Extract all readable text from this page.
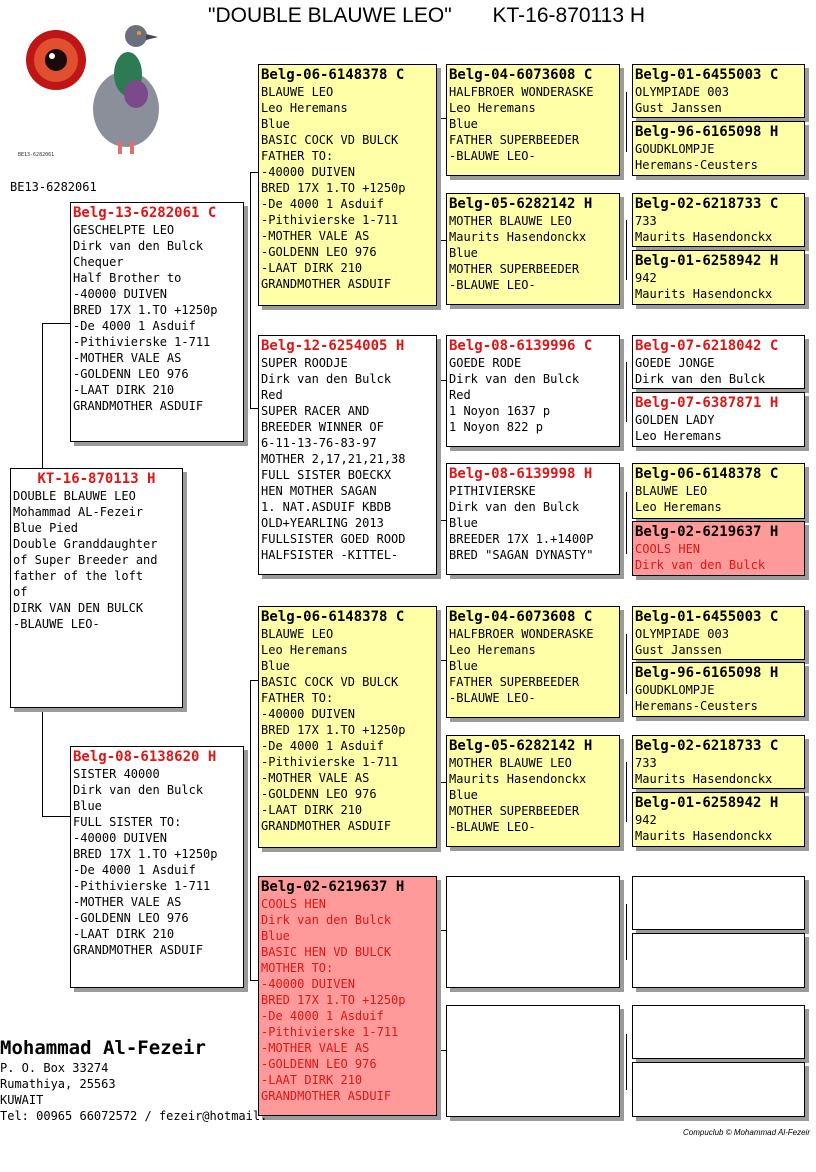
"DOUBLE BLAUWE LEO" KT-16-870113 H
BE13-6282061
BE13-6282061
KT-16-870113 H
DOUBLE BLAUWE LEO
Mohammad AL-Fezeir
Blue Pied
Double Granddaughter
of Super Breeder and
father of the loft
of
DIRK VAN DEN BULCK
-BLAUWE LEO-
Belg-13-6282061 C
GESCHELPTE LEO
Dirk van den Bulck
Chequer
Half Brother to
-40000 DUIVEN
BRED 17X 1.TO +1250p
-De 4000 1 Asduif
-Pithivierske 1-711
-MOTHER VALE AS
-GOLDENN LEO 976
-LAAT DIRK 210
GRANDMOTHER ASDUIF
Belg-08-6138620 H
SISTER 40000
Dirk van den Bulck
Blue
FULL SISTER TO:
-40000 DUIVEN
BRED 17X 1.TO +1250p
-De 4000 1 Asduif
-Pithivierske 1-711
-MOTHER VALE AS
-GOLDENN LEO 976
-LAAT DIRK 210
GRANDMOTHER ASDUIF
Belg-06-6148378 C
BLAUWE LEO
Leo Heremans
Blue
BASIC COCK VD BULCK
FATHER TO:
-40000 DUIVEN
BRED 17X 1.TO +1250p
-De 4000 1 Asduif
-Pithivierske 1-711
-MOTHER VALE AS
-GOLDENN LEO 976
-LAAT DIRK 210
GRANDMOTHER ASDUIF
Belg-12-6254005 H
SUPER ROODJE
Dirk van den Bulck
Red
SUPER RACER AND
BREEDER WINNER OF
6-11-13-76-83-97
MOTHER 2,17,21,21,38
FULL SISTER BOECKX
HEN MOTHER SAGAN
1. NAT.ASDUIF KBDB
OLD+YEARLING 2013
FULLSISTER GOED ROOD
HALFSISTER -KITTEL-
Belg-06-6148378 C
BLAUWE LEO
Leo Heremans
Blue
BASIC COCK VD BULCK
FATHER TO:
-40000 DUIVEN
BRED 17X 1.TO +1250p
-De 4000 1 Asduif
-Pithivierske 1-711
-MOTHER VALE AS
-GOLDENN LEO 976
-LAAT DIRK 210
GRANDMOTHER ASDUIF
Belg-02-6219637 H
COOLS HEN
Dirk van den Bulck
Blue
BASIC HEN VD BULCK
MOTHER TO:
-40000 DUIVEN
BRED 17X 1.TO +1250p
-De 4000 1 Asduif
-Pithivierske 1-711
-MOTHER VALE AS
-GOLDENN LEO 976
-LAAT DIRK 210
GRANDMOTHER ASDUIF
Belg-04-6073608 C
HALFBROER WONDERASKE
Leo Heremans
Blue
FATHER SUPERBEEDER
-BLAUWE LEO-
Belg-05-6282142 H
MOTHER BLAUWE LEO
Maurits Hasendonckx
Blue
MOTHER SUPERBEEDER
-BLAUWE LEO-
Belg-08-6139996 C
GOEDE RODE
Dirk van den Bulck
Red
1 Noyon 1637 p
1 Noyon 822 p
Belg-08-6139998 H
PITHIVIERSKE
Dirk van den Bulck
Blue
BREEDER 17X 1.+1400P
BRED "SAGAN DYNASTY"
Belg-04-6073608 C
HALFBROER WONDERASKE
Leo Heremans
Blue
FATHER SUPERBEEDER
-BLAUWE LEO-
Belg-05-6282142 H
MOTHER BLAUWE LEO
Maurits Hasendonckx
Blue
MOTHER SUPERBEEDER
-BLAUWE LEO-
Belg-01-6455003 C
OLYMPIADE 003
Gust Janssen
Belg-96-6165098 H
GOUDKLOMPJE
Heremans-Ceusters
Belg-02-6218733 C
733
Maurits Hasendonckx
Belg-01-6258942 H
942
Maurits Hasendonckx
Belg-07-6218042 C
GOEDE JONGE
Dirk van den Bulck
Belg-07-6387871 H
GOLDEN LADY
Leo Heremans
Belg-06-6148378 C
BLAUWE LEO
Leo Heremans
Belg-02-6219637 H
COOLS HEN
Dirk van den Bulck
Belg-01-6455003 C
OLYMPIADE 003
Gust Janssen
Belg-96-6165098 H
GOUDKLOMPJE
Heremans-Ceusters
Belg-02-6218733 C
733
Maurits Hasendonckx
Belg-01-6258942 H
942
Maurits Hasendonckx
Mohammad Al-Fezeir
P. O. Box 33274
Rumathiya, 25563
KUWAIT
Tel: 00965 66072572 / fezeir@hotmail.
Compuclub © Mohammad Al-Fezeir
